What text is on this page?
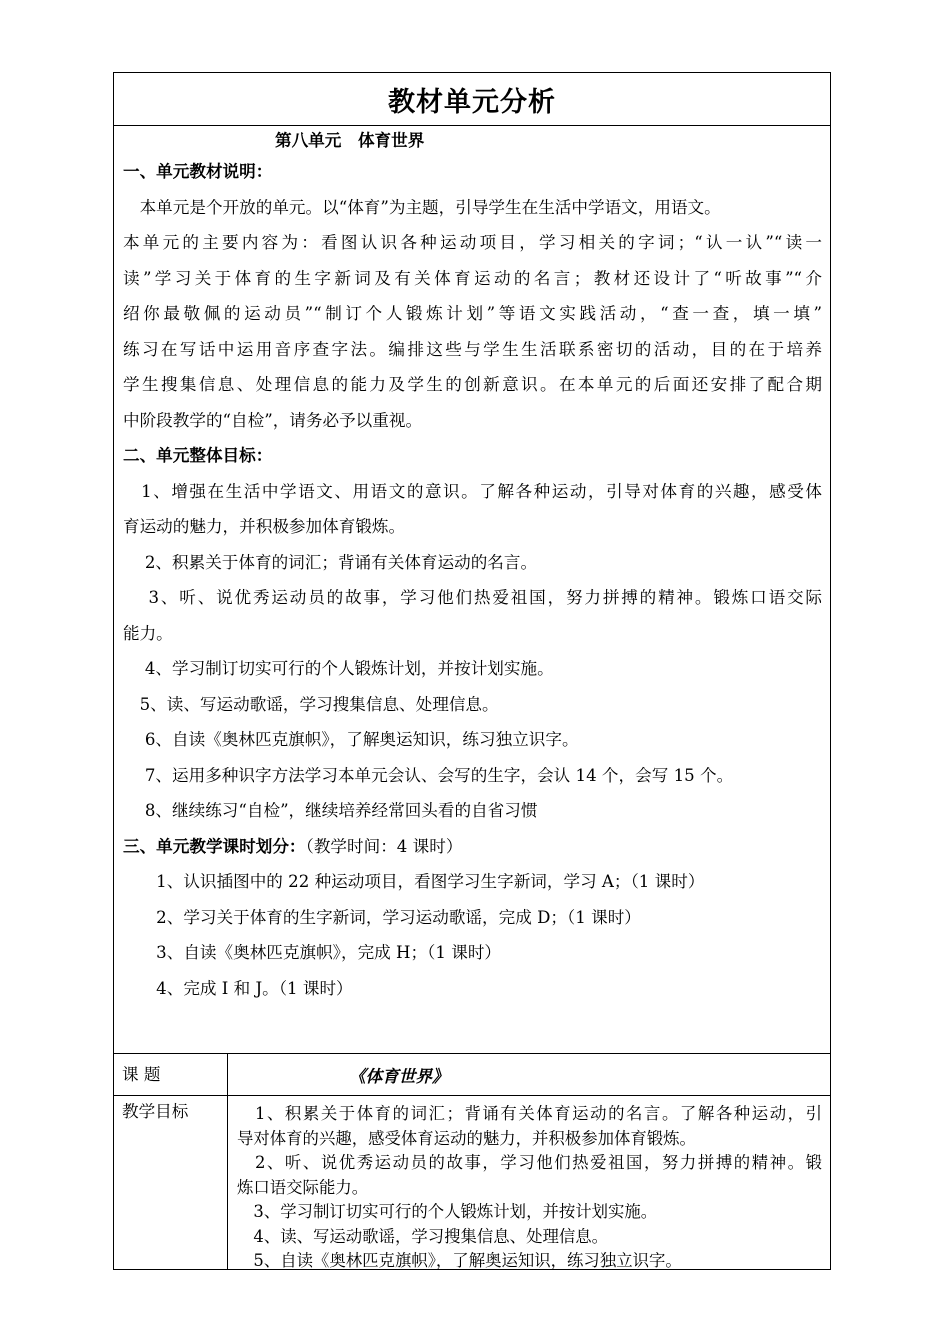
教材单元分析
第八单元　体育世界
一、单元教材说明：
　本单元是个开放的单元。以“体育”为主题，引导学生在生活中学语文，用语文。
本单元的主要内容为：看图认识各种运动项目，学习相关的字词；“认一认”“读一
读”学习关于体育的生字新词及有关体育运动的名言；教材还设计了“听故事”“介
绍你最敬佩的运动员”“制订个人锻炼计划”等语文实践活动，“查一查，填一填”
练习在写话中运用音序查字法。编排这些与学生生活联系密切的活动，目的在于培养
学生搜集信息、处理信息的能力及学生的创新意识。在本单元的后面还安排了配合期
中阶段教学的“自检”，请务必予以重视。
二、单元整体目标：
　1、增强在生活中学语文、用语文的意识。了解各种运动，引导对体育的兴趣，感受体
育运动的魅力，并积极参加体育锻炼。
　 2、积累关于体育的词汇；背诵有关体育运动的名言。
　 3、听、说优秀运动员的故事，学习他们热爱祖国，努力拼搏的精神。锻炼口语交际
能力。
　 4、学习制订切实可行的个人锻炼计划，并按计划实施。
　5、读、写运动歌谣，学习搜集信息、处理信息。
　 6、自读《奥林匹克旗帜》，了解奥运知识，练习独立识字。
　 7、运用多种识字方法学习本单元会认、会写的生字，会认 14 个，会写 15 个。
　 8、继续练习“自检”，继续培养经常回头看的自省习惯
三、单元教学课时划分：（教学时间：4 课时）
　　1、认识插图中的 22 种运动项目，看图学习生字新词，学习 A；（1 课时）
　　2、学习关于体育的生字新词，学习运动歌谣，完成 D；（1 课时）
　　3、自读《奥林匹克旗帜》，完成 H；（1 课时）
　　4、完成 I 和 J。（1 课时）
课 题	《体育世界》
教学目标	　1、积累关于体育的词汇；背诵有关体育运动的名言。了解各种运动，引
导对体育的兴趣，感受体育运动的魅力，并积极参加体育锻炼。
　2、听、说优秀运动员的故事，学习他们热爱祖国，努力拼搏的精神。锻
炼口语交际能力。
　3、学习制订切实可行的个人锻炼计划，并按计划实施。
　4、读、写运动歌谣，学习搜集信息、处理信息。
　5、自读《奥林匹克旗帜》，了解奥运知识，练习独立识字。
